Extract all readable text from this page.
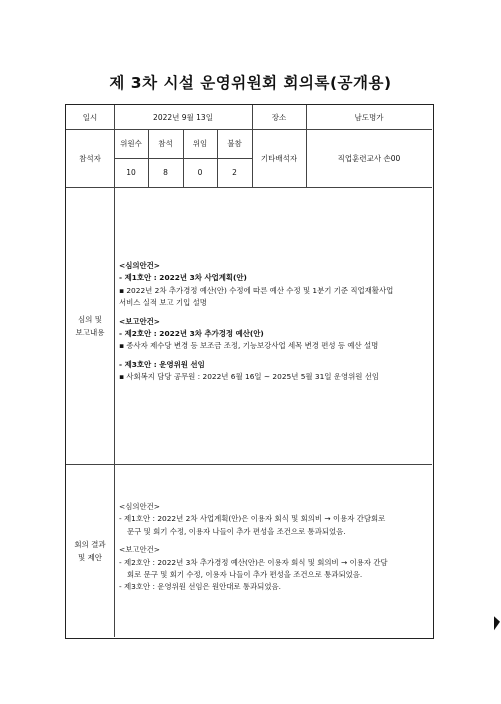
제 3차 시설 운영위원회 회의록(공개용)
일시	2022년 9월 13일	장소	남도명가
참석자
위원수	참석	위임	불참
10	8	0	2
기타배석자	직업훈련교사 손00
심의 및
보고내용
<심의안건>
- 제1호안 : 2022년 3차 사업계획(안)
▪ 2022년 2차 추가경정 예산(안) 수정에 따른 예산 수정 및 1분기 기준 직업재활사업
서비스 실적 보고 기입 설명
<보고안건>
- 제2호안 : 2022년 3차 추가경정 예산(안)
▪ 종사자 제수당 변경 등 보조금 조정, 기능보강사업 세목 변경 편성 등 예산 설명
- 제3호안 : 운영위원 선임
▪ 사회복지 담당 공무원 : 2022년 6월 16일 ~ 2025년 5월 31일 운영위원 선임
회의 결과
및 제안
<심의안건>
- 제1호안 : 2022년 2차 사업계획(안)은 이용자 회식 및 회의비 → 이용자 간담회로
문구 및 회기 수정, 이용자 나들이 추가 편성을 조건으로 통과되었음.
<보고안건>
- 제2호안 : 2022년 3차 추가경정 예산(안)은 이용자 회식 및 회의비 → 이용자 간담
회로 문구 및 회기 수정, 이용자 나들이 추가 편성을 조건으로 통과되었음.
- 제3호안 : 운영위원 선임은 원안대로 통과되었음.
